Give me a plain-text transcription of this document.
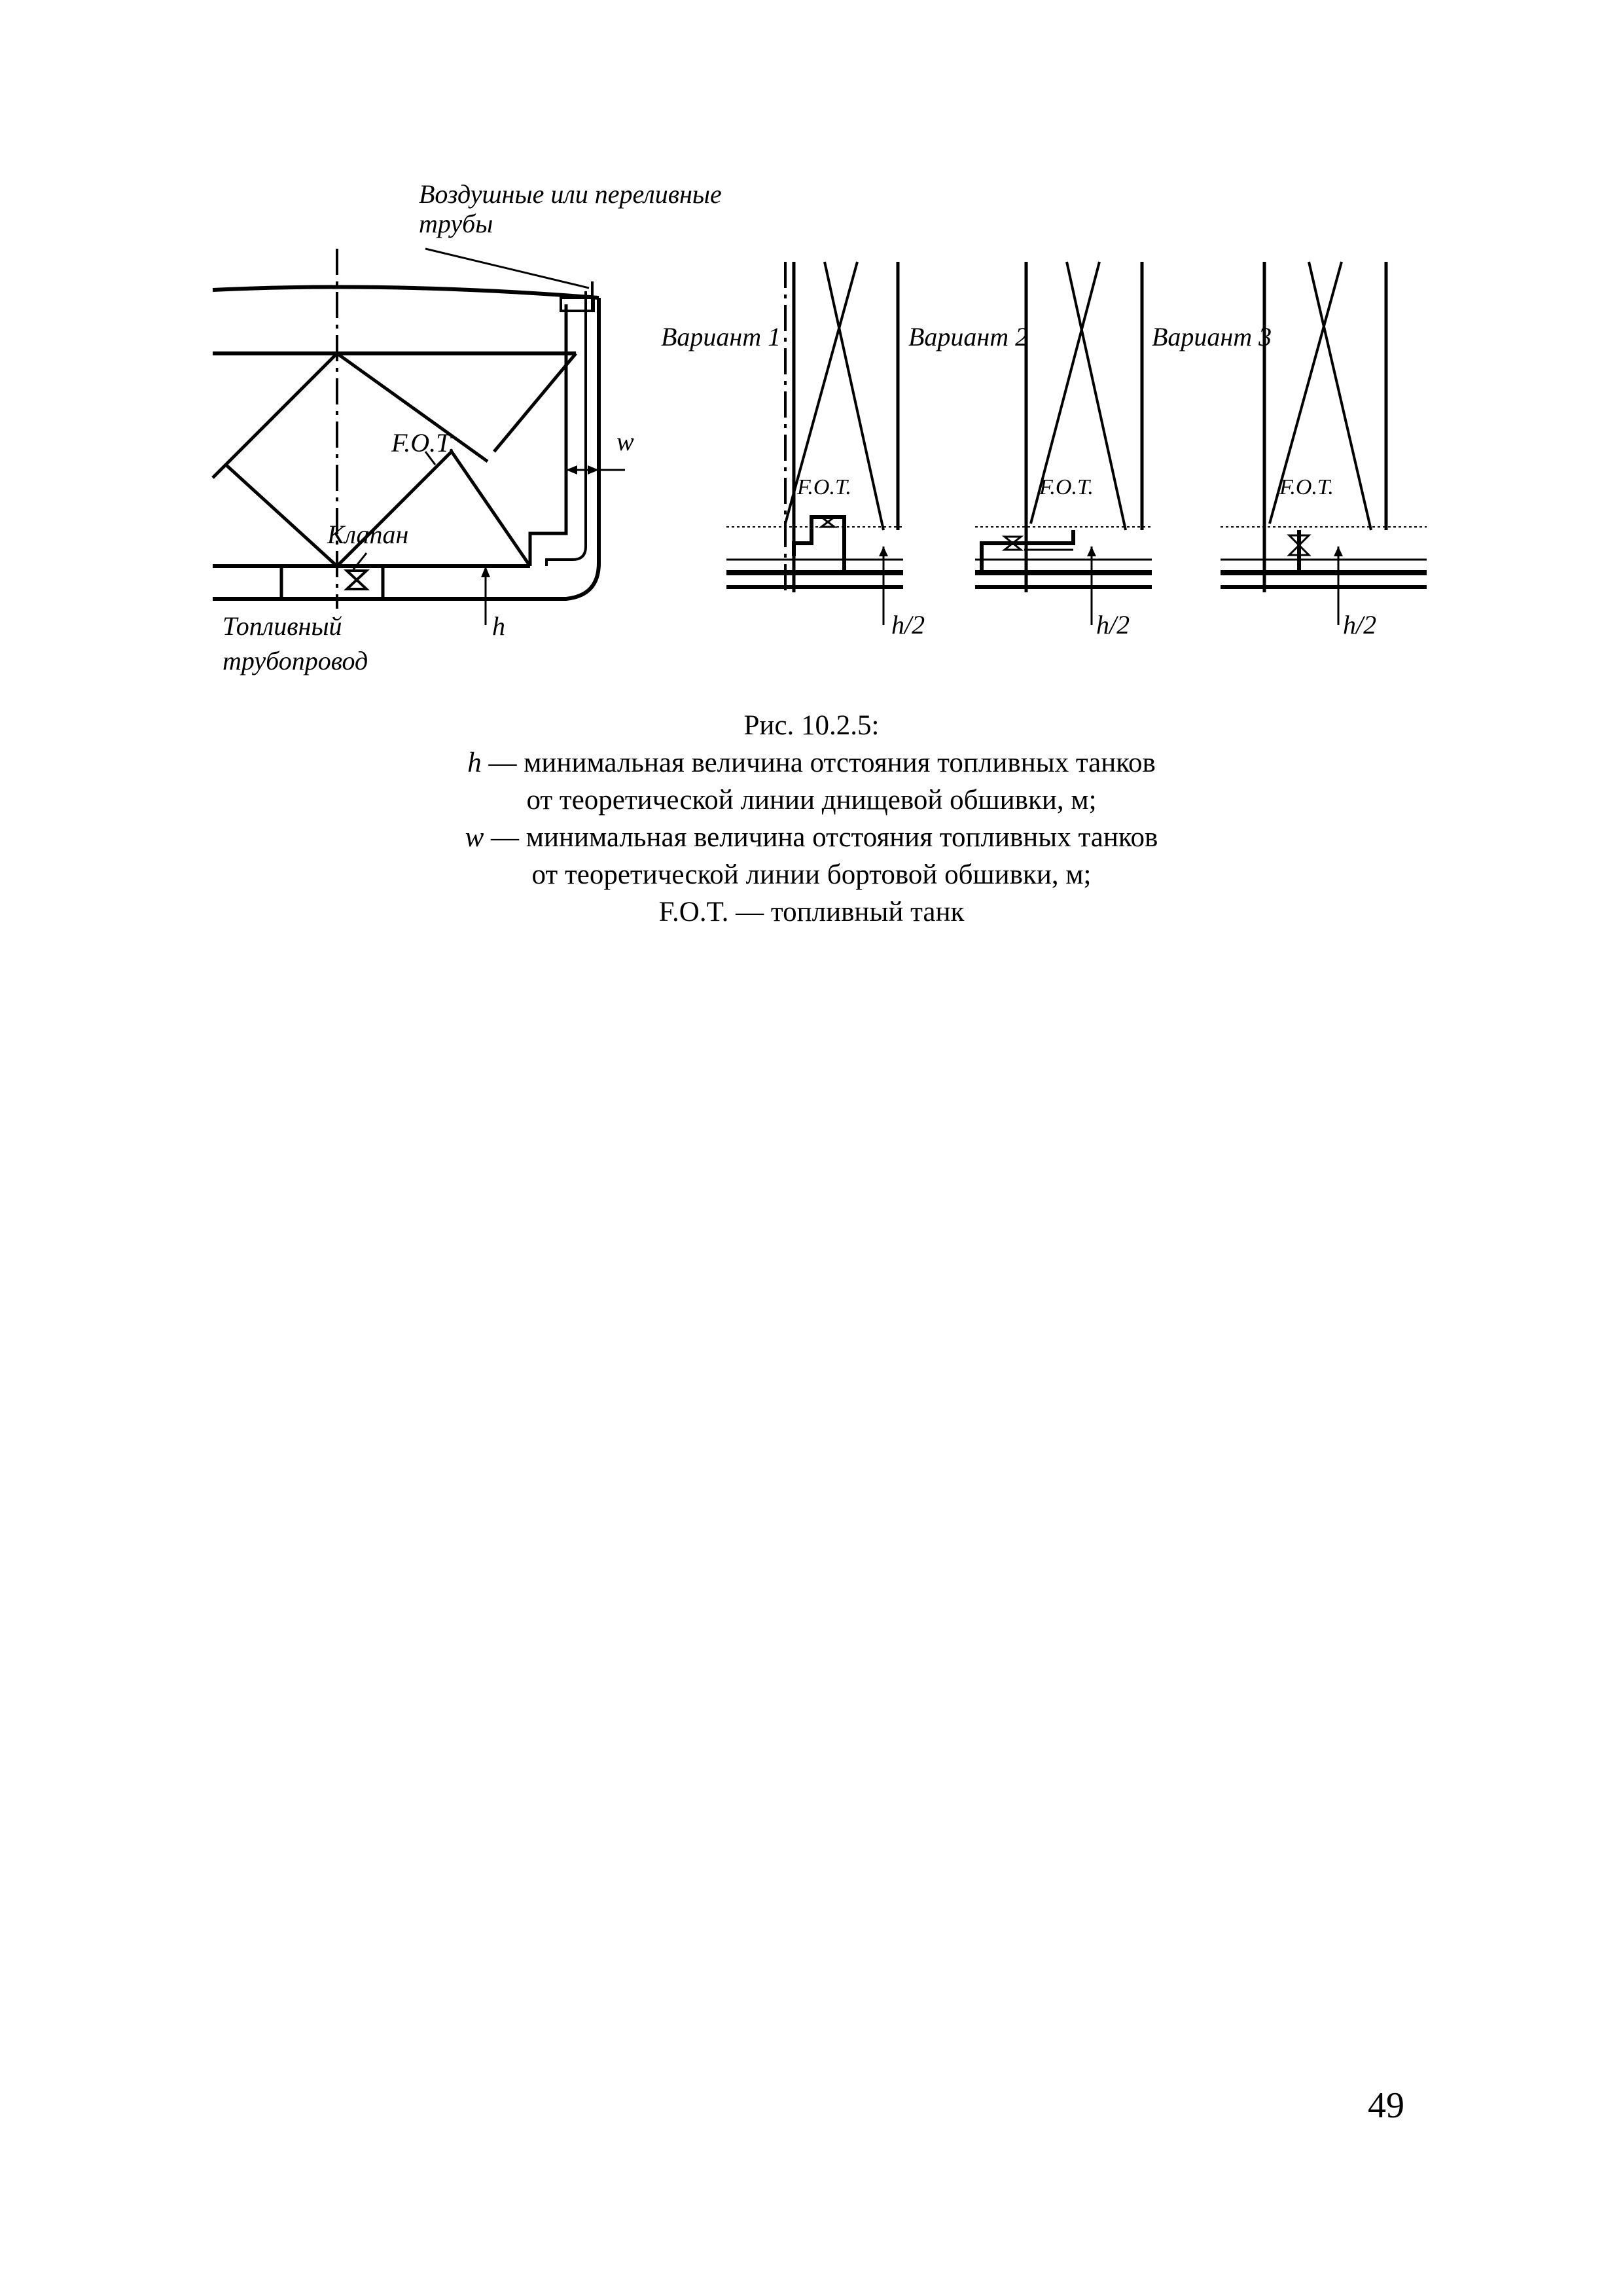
Воздушные или переливные
трубы
F.O.T.	w
Клапан
Топливный
трубопровод
h
Вариант 1
F.O.T.
h/2
Вариант 2
F.O.T.
h/2
Вариант 3
F.O.T.
h/2
Рис. 10.2.5:
h — минимальная величина отстояния топливных танков
от теоретической линии днищевой обшивки, м;
w — минимальная величина отстояния топливных танков
от теоретической линии бортовой обшивки, м;
F.O.T. — топливный танк
49
